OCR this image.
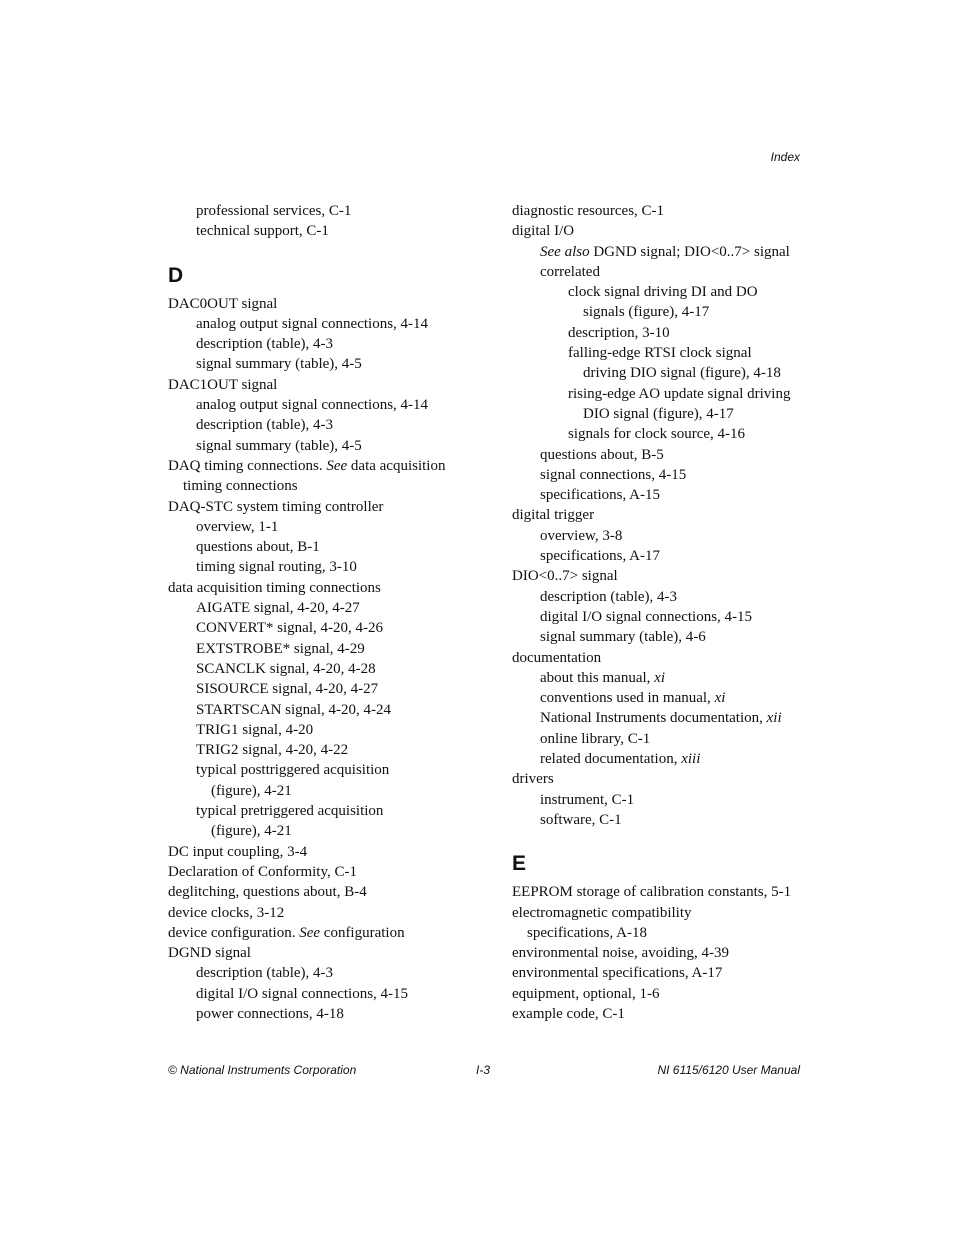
Index
professional services, C-1
technical support, C-1
D
DAC0OUT signal
analog output signal connections, 4-14
description (table), 4-3
signal summary (table), 4-5
DAC1OUT signal
analog output signal connections, 4-14
description (table), 4-3
signal summary (table), 4-5
DAQ timing connections. See data acquisition
timing connections
DAQ-STC system timing controller
overview, 1-1
questions about, B-1
timing signal routing, 3-10
data acquisition timing connections
AIGATE signal, 4-20, 4-27
CONVERT* signal, 4-20, 4-26
EXTSTROBE* signal, 4-29
SCANCLK signal, 4-20, 4-28
SISOURCE signal, 4-20, 4-27
STARTSCAN signal, 4-20, 4-24
TRIG1 signal, 4-20
TRIG2 signal, 4-20, 4-22
typical posttriggered acquisition
(figure), 4-21
typical pretriggered acquisition
(figure), 4-21
DC input coupling, 3-4
Declaration of Conformity, C-1
deglitching, questions about, B-4
device clocks, 3-12
device configuration. See configuration
DGND signal
description (table), 4-3
digital I/O signal connections, 4-15
power connections, 4-18
diagnostic resources, C-1
digital I/O
See also DGND signal; DIO<0..7> signal
correlated
clock signal driving DI and DO
signals (figure), 4-17
description, 3-10
falling-edge RTSI clock signal
driving DIO signal (figure), 4-18
rising-edge AO update signal driving
DIO signal (figure), 4-17
signals for clock source, 4-16
questions about, B-5
signal connections, 4-15
specifications, A-15
digital trigger
overview, 3-8
specifications, A-17
DIO<0..7> signal
description (table), 4-3
digital I/O signal connections, 4-15
signal summary (table), 4-6
documentation
about this manual, xi
conventions used in manual, xi
National Instruments documentation, xii
online library, C-1
related documentation, xiii
drivers
instrument, C-1
software, C-1
E
EEPROM storage of calibration constants, 5-1
electromagnetic compatibility
specifications, A-18
environmental noise, avoiding, 4-39
environmental specifications, A-17
equipment, optional, 1-6
example code, C-1
© National Instruments Corporation	I-3	NI 6115/6120 User Manual
